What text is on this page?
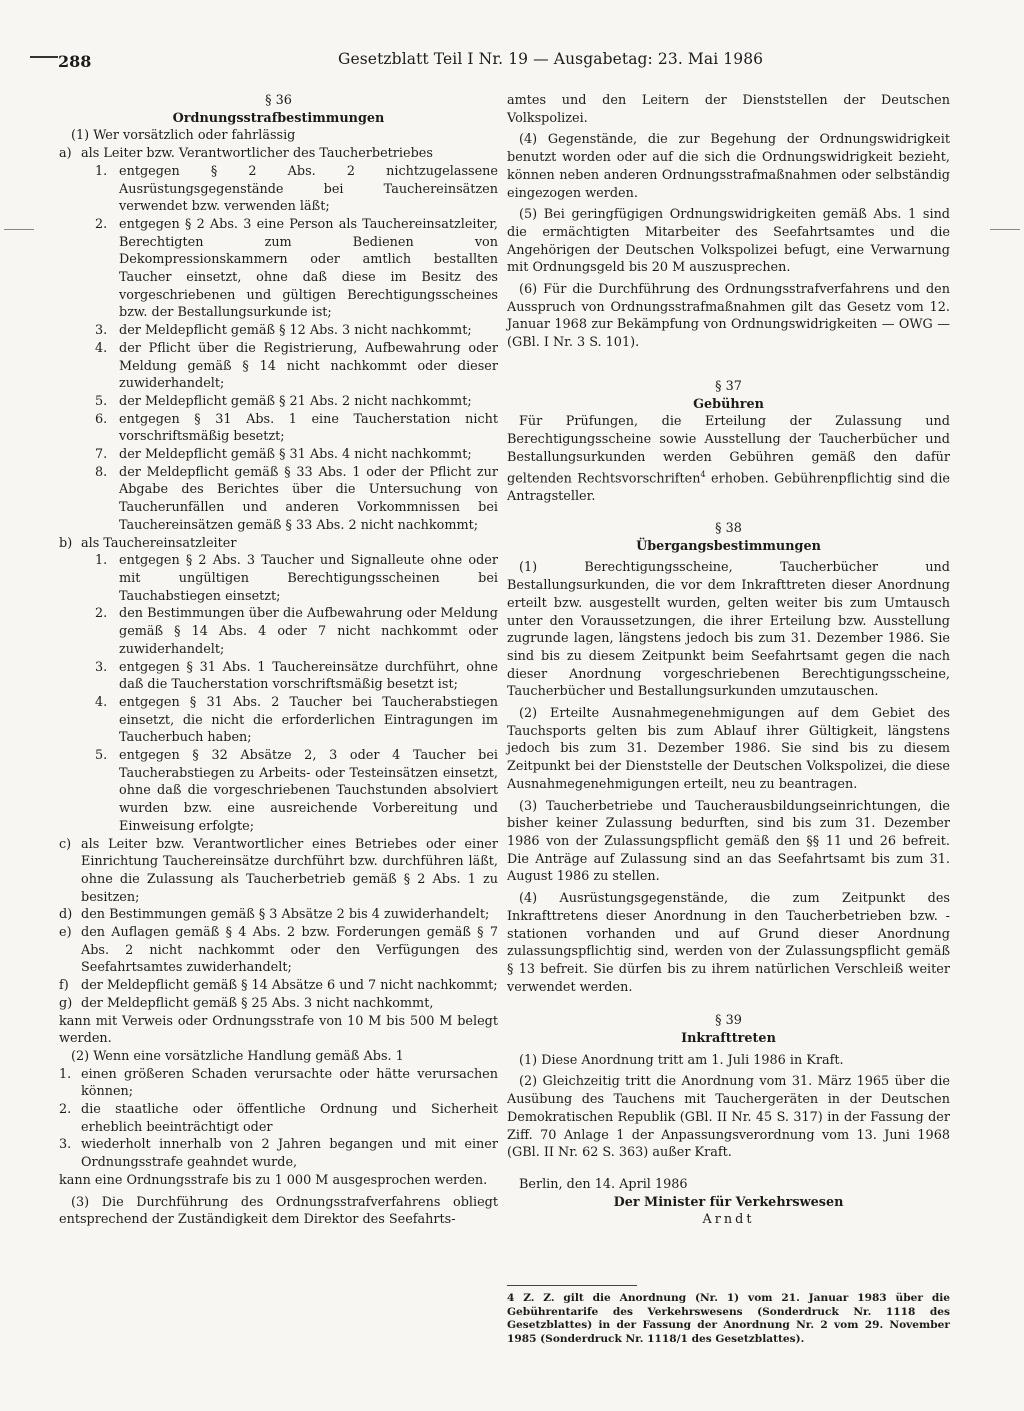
288	Gesetzblatt Teil I Nr. 19 — Ausgabetag: 23. Mai 1986

§ 36

Ordnungsstrafbestimmungen

(1) Wer vorsätzlich oder fahrlässig

a) als Leiter bzw. Verantwortlicher des Taucherbetriebes
1. entgegen § 2 Abs. 2 nichtzugelassene Ausrüstungsgegenstände bei Tauchereinsätzen verwendet bzw. verwenden läßt;
2. entgegen § 2 Abs. 3 eine Person als Tauchereinsatzleiter, Berechtigten zum Bedienen von Dekompressionskammern oder amtlich bestallten Taucher einsetzt, ohne daß diese im Besitz des vorgeschriebenen und gültigen Berechtigungsscheines bzw. der Bestallungsurkunde ist;
3. der Meldepflicht gemäß § 12 Abs. 3 nicht nachkommt;
4. der Pflicht über die Registrierung, Aufbewahrung oder Meldung gemäß § 14 nicht nachkommt oder dieser zuwiderhandelt;
5. der Meldepflicht gemäß § 21 Abs. 2 nicht nachkommt;
6. entgegen § 31 Abs. 1 eine Taucherstation nicht vorschriftsmäßig besetzt;
7. der Meldepflicht gemäß § 31 Abs. 4 nicht nachkommt;
8. der Meldepflicht gemäß § 33 Abs. 1 oder der Pflicht zur Abgabe des Berichtes über die Untersuchung von Taucherunfällen und anderen Vorkommnissen bei Tauchereinsätzen gemäß § 33 Abs. 2 nicht nachkommt;
b) als Tauchereinsatzleiter
1. entgegen § 2 Abs. 3 Taucher und Signalleute ohne oder mit ungültigen Berechtigungsscheinen bei Tauchabstiegen einsetzt;
2. den Bestimmungen über die Aufbewahrung oder Meldung gemäß § 14 Abs. 4 oder 7 nicht nachkommt oder zuwiderhandelt;
3. entgegen § 31 Abs. 1 Tauchereinsätze durchführt, ohne daß die Taucherstation vorschriftsmäßig besetzt ist;
4. entgegen § 31 Abs. 2 Taucher bei Taucherabstiegen einsetzt, die nicht die erforderlichen Eintragungen im Taucherbuch haben;
5. entgegen § 32 Absätze 2, 3 oder 4 Taucher bei Taucherabstiegen zu Arbeits- oder Testeinsätzen einsetzt, ohne daß die vorgeschriebenen Tauchstunden absolviert wurden bzw. eine ausreichende Vorbereitung und Einweisung erfolgte;
c) als Leiter bzw. Verantwortlicher eines Betriebes oder einer Einrichtung Tauchereinsätze durchführt bzw. durchführen läßt, ohne die Zulassung als Taucherbetrieb gemäß § 2 Abs. 1 zu besitzen;
d) den Bestimmungen gemäß § 3 Absätze 2 bis 4 zuwiderhandelt;
e) den Auflagen gemäß § 4 Abs. 2 bzw. Forderungen gemäß § 7 Abs. 2 nicht nachkommt oder den Verfügungen des Seefahrtsamtes zuwiderhandelt;
f) der Meldepflicht gemäß § 14 Absätze 6 und 7 nicht nachkommt;
g) der Meldepflicht gemäß § 25 Abs. 3 nicht nachkommt,

kann mit Verweis oder Ordnungsstrafe von 10 M bis 500 M belegt werden.

(2) Wenn eine vorsätzliche Handlung gemäß Abs. 1

1. einen größeren Schaden verursachte oder hätte verursachen können;
2. die staatliche oder öffentliche Ordnung und Sicherheit erheblich beeinträchtigt oder
3. wiederholt innerhalb von 2 Jahren begangen und mit einer Ordnungsstrafe geahndet wurde,

kann eine Ordnungsstrafe bis zu 1 000 M ausgesprochen werden.

(3) Die Durchführung des Ordnungsstrafverfahrens obliegt entsprechend der Zuständigkeit dem Direktor des Seefahrts-

amtes und den Leitern der Dienststellen der Deutschen Volkspolizei.

(4) Gegenstände, die zur Begehung der Ordnungswidrigkeit benutzt worden oder auf die sich die Ordnungswidrigkeit bezieht, können neben anderen Ordnungsstrafmaßnahmen oder selbständig eingezogen werden.

(5) Bei geringfügigen Ordnungswidrigkeiten gemäß Abs. 1 sind die ermächtigten Mitarbeiter des Seefahrtsamtes und die Angehörigen der Deutschen Volkspolizei befugt, eine Verwarnung mit Ordnungsgeld bis 20 M auszusprechen.

(6) Für die Durchführung des Ordnungsstrafverfahrens und den Ausspruch von Ordnungsstrafmaßnahmen gilt das Gesetz vom 12. Januar 1968 zur Bekämpfung von Ordnungswidrigkeiten — OWG — (GBl. I Nr. 3 S. 101).

§ 37

Gebühren

Für Prüfungen, die Erteilung der Zulassung und Berechtigungsscheine sowie Ausstellung der Taucherbücher und Bestallungsurkunden werden Gebühren gemäß den dafür geltenden Rechtsvorschriften$^4$ erhoben. Gebührenpflichtig sind die Antragsteller.

§ 38

Übergangsbestimmungen

(1) Berechtigungsscheine, Taucherbücher und Bestallungsurkunden, die vor dem Inkrafttreten dieser Anordnung erteilt bzw. ausgestellt wurden, gelten weiter bis zum Umtausch unter den Voraussetzungen, die ihrer Erteilung bzw. Ausstellung zugrunde lagen, längstens jedoch bis zum 31. Dezember 1986. Sie sind bis zu diesem Zeitpunkt beim Seefahrtsamt gegen die nach dieser Anordnung vorgeschriebenen Berechtigungsscheine, Taucherbücher und Bestallungsurkunden umzutauschen.

(2) Erteilte Ausnahmegenehmigungen auf dem Gebiet des Tauchsports gelten bis zum Ablauf ihrer Gültigkeit, längstens jedoch bis zum 31. Dezember 1986. Sie sind bis zu diesem Zeitpunkt bei der Dienststelle der Deutschen Volkspolizei, die diese Ausnahmegenehmigungen erteilt, neu zu beantragen.

(3) Taucherbetriebe und Taucherausbildungseinrichtungen, die bisher keiner Zulassung bedurften, sind bis zum 31. Dezember 1986 von der Zulassungspflicht gemäß den §§ 11 und 26 befreit. Die Anträge auf Zulassung sind an das Seefahrtsamt bis zum 31. August 1986 zu stellen.

(4) Ausrüstungsgegenstände, die zum Zeitpunkt des Inkrafttretens dieser Anordnung in den Taucherbetrieben bzw. -stationen vorhanden und auf Grund dieser Anordnung zulassungspflichtig sind, werden von der Zulassungspflicht gemäß § 13 befreit. Sie dürfen bis zu ihrem natürlichen Verschleiß weiter verwendet werden.

§ 39

Inkrafttreten

(1) Diese Anordnung tritt am 1. Juli 1986 in Kraft.

(2) Gleichzeitig tritt die Anordnung vom 31. März 1965 über die Ausübung des Tauchens mit Tauchergeräten in der Deutschen Demokratischen Republik (GBl. II Nr. 45 S. 317) in der Fassung der Ziff. 70 Anlage 1 der Anpassungsverordnung vom 13. Juni 1968 (GBl. II Nr. 62 S. 363) außer Kraft.

Berlin, den 14. April 1986

Der Minister für Verkehrswesen

Arndt

4 Z. Z. gilt die Anordnung (Nr. 1) vom 21. Januar 1983 über die Gebührentarife des Verkehrswesens (Sonderdruck Nr. 1118 des Gesetzblattes) in der Fassung der Anordnung Nr. 2 vom 29. November 1985 (Sonderdruck Nr. 1118/1 des Gesetzblattes).
